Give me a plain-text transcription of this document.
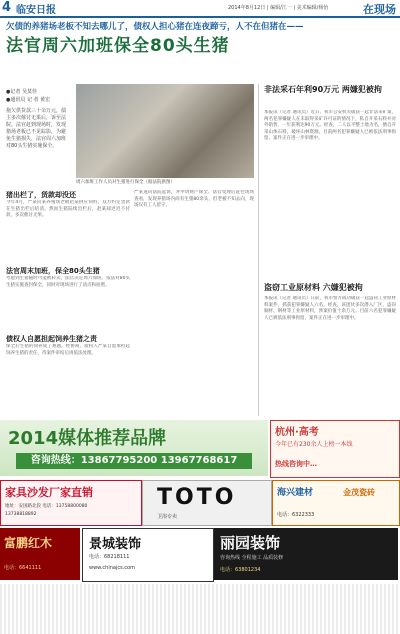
4 临安日报	2014年8月12日 | 编辑/江一 | 美术编辑/杨怡	在现场
欠债的养猪场老板不知去哪儿了，债权人担心猪在连夜蹄亏，人不在但猪在——
法官周六加班保全80头生猪
●记者 吴莫佳
●通讯员 记 者 黄宏
拖欠供货款三十余万元，债主多次催讨无果后，诉至法院。法官赶到现场时，发现猪场老板已不见踪影，为避免生猪损失，法官周六加班对80头生猪实施保全。
周六加班工作人员对生猪进行保全（据法院供图）
猪出栏了，货款却没还
今年4月，严某向某养殖场老板赵某供应饲料，双方约定货款在生猪出栏后结清。然而生猪陆续出栏后，赵某却迟迟不付款，多次催讨无果。
严某遂向法院起诉，并申请财产保全。法官受理后赶往现场查看，发现养猪场内尚有生猪80余头，但老板不知去向，现场仅有工人留守。
法官周末加班，保全80头生猪
考虑到生猪随时可能被转卖，法官决定周六加班，依法对80头生猪实施查封保全，同时对现场进行了清点和拍照。
债权人自愿担起饲养生猪之责
保全后生猪的饲养成了难题。经协商，债权人严某自愿承担起饲养生猪的责任，待案件审结后再依法处理。
非法采石年利90万元 两嫌犯被拘
本报讯（记者 通讯员）近日，我市公安机关破获一起非法采矿案，两名犯罪嫌疑人在未取得采矿许可证的情况下，私自开采石料并对外销售，一年获利达90万元。经查，二人以平整土地为名，擅自开采山体石料，破坏山林资源。目前两名犯罪嫌疑人已被依法刑事拘留，案件正在进一步审理中。
盗窃工业原材料 六嫌犯被拘
本报讯（记者 通讯员）日前，我市警方成功破获一起盗窃工业原材料案件，抓获犯罪嫌疑人六名。经查，该团伙多次潜入厂区，盗窃铜材、钢材等工业原材料，涉案价值十余万元。目前六名犯罪嫌疑人已被依法刑事拘留，案件正在进一步审理中。
2014媒体推荐品牌
咨询热线：13867795200 13967768617
杭州·高考
今年已有230余人上榜一本线
热线咨询中…
家具沙发厂家直销
地址：安国路北段 电话：13758800080
13738818892
TOTO
卫浴专卖
海兴建材	金茂瓷砖
电话：6322333
富鹏红木
电话：6641111
景城装饰
电话：68218111
www.chinajcs.com
丽园装饰
咨询热线 全程施工 品质装修
电话：63801234
